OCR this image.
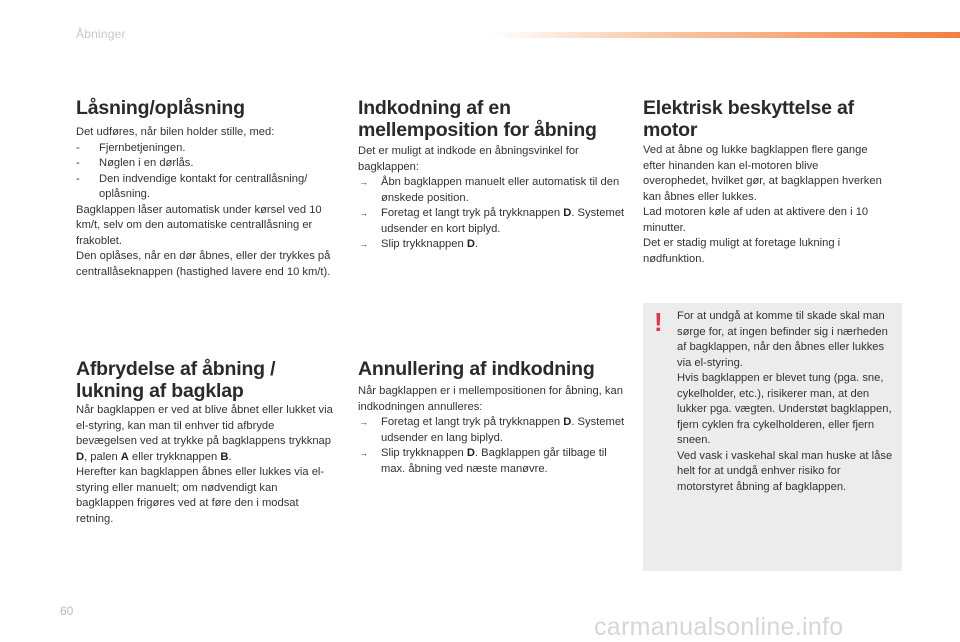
Åbninger
Låsning/oplåsning

Det udføres, når bilen holder stille, med:

- Fjernbetjeningen.
- Nøglen i en dørlås.
- Den indvendige kontakt for centrallåsning/ oplåsning.

Bagklappen låser automatisk under kørsel ved 10 km/t, selv om den automatiske centrallåsning er frakoblet.

Den oplåses, når en dør åbnes, eller der trykkes på centrallåseknappen (hastighed lavere end 10 km/t).

Afbrydelse af åbning / lukning af bagklap

Når bagklappen er ved at blive åbnet eller lukket via el-styring, kan man til enhver tid afbryde bevægelsen ved at trykke på bagklappens trykknap D, palen A eller trykknappen B.

Herefter kan bagklappen åbnes eller lukkes via el-styring eller manuelt; om nødvendigt kan bagklappen frigøres ved at føre den i modsat retning.

Indkodning af en mellemposition for åbning

Det er muligt at indkode en åbningsvinkel for bagklappen:

→ Åbn bagklappen manuelt eller automatisk til den ønskede position.
→ Foretag et langt tryk på trykknappen D. Systemet udsender en kort biplyd.
→ Slip trykknappen D.
Annullering af indkodning

Når bagklappen er i mellempositionen for åbning, kan indkodningen annulleres:

→ Foretag et langt tryk på trykknappen D. Systemet udsender en lang biplyd.
→ Slip trykknappen D. Bagklappen går tilbage til max. åbning ved næste manøvre.
Elektrisk beskyttelse af motor

Ved at åbne og lukke bagklappen flere gange efter hinanden kan el-motoren blive overophedet, hvilket gør, at bagklappen hverken kan åbnes eller lukkes.

Lad motoren køle af uden at aktivere den i 10 minutter.

Det er stadig muligt at foretage lukning i nødfunktion.

! For at undgå at komme til skade skal man sørge for, at ingen befinder sig i nærheden af bagklappen, når den åbnes eller lukkes via el-styring.

Hvis bagklappen er blevet tung (pga. sne, cykelholder, etc.), risikerer man, at den lukker pga. vægten. Understøt bagklappen, fjern cyklen fra cykelholderen, eller fjern sneen.

Ved vask i vaskehal skal man huske at låse helt for at undgå enhver risiko for motorstyret åbning af bagklappen.

60
carmanualsonline.info
